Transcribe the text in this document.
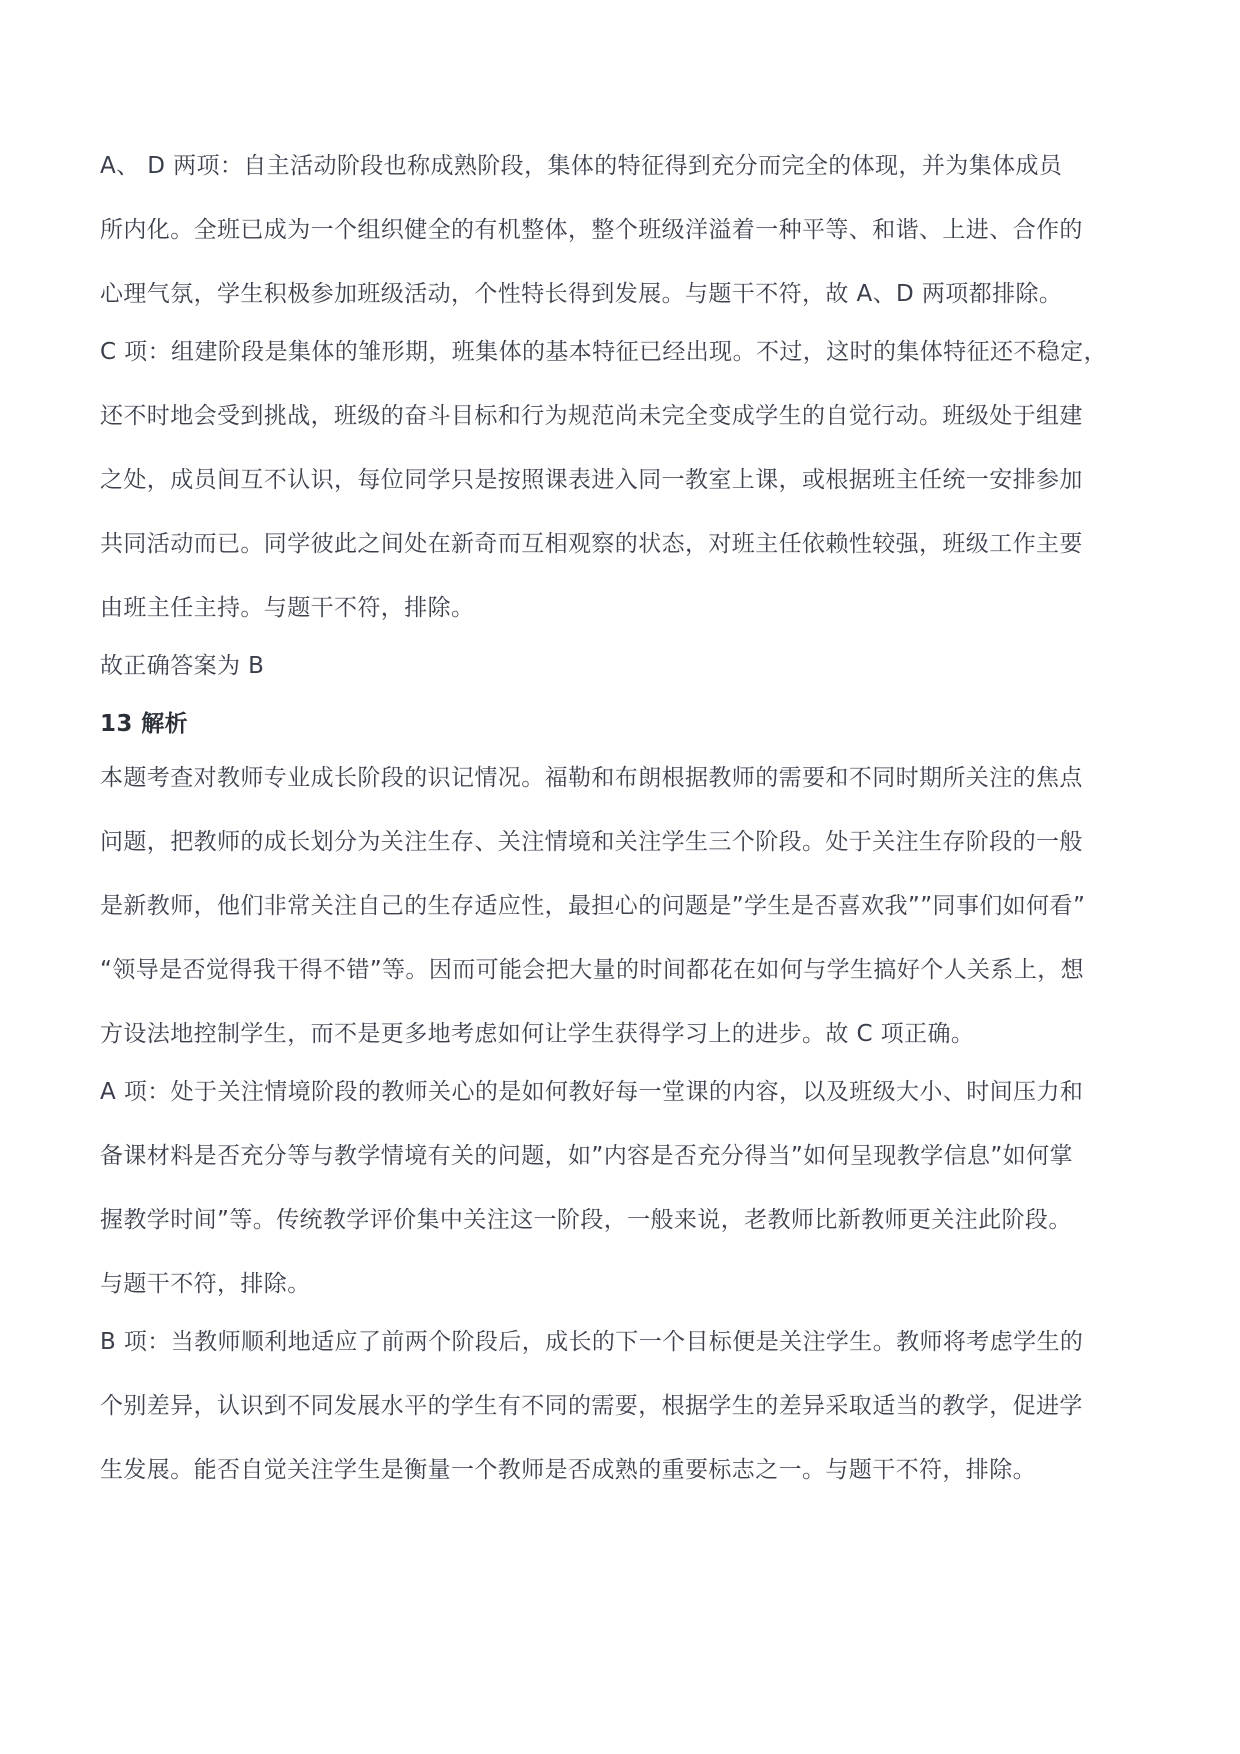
A、 D 两项：自主活动阶段也称成熟阶段，集体的特征得到充分而完全的体现，并为集体成员
所内化。全班已成为一个组织健全的有机整体，整个班级洋溢着一种平等、和谐、上进、合作的
心理气氛，学生积极参加班级活动，个性特长得到发展。与题干不符，故 A、D 两项都排除。
C 项：组建阶段是集体的雏形期，班集体的基本特征已经出现。不过，这时的集体特征还不稳定，
还不时地会受到挑战，班级的奋斗目标和行为规范尚未完全变成学生的自觉行动。班级处于组建
之处，成员间互不认识，每位同学只是按照课表进入同一教室上课，或根据班主任统一安排参加
共同活动而已。同学彼此之间处在新奇而互相观察的状态，对班主任依赖性较强，班级工作主要
由班主任主持。与题干不符，排除。
故正确答案为 B
13 解析
本题考查对教师专业成长阶段的识记情况。福勒和布朗根据教师的需要和不同时期所关注的焦点
问题，把教师的成长划分为关注生存、关注情境和关注学生三个阶段。处于关注生存阶段的一般
是新教师，他们非常关注自己的生存适应性，最担心的问题是”学生是否喜欢我””同事们如何看”
“领导是否觉得我干得不错”等。因而可能会把大量的时间都花在如何与学生搞好个人关系上，想
方设法地控制学生，而不是更多地考虑如何让学生获得学习上的进步。故 C 项正确。
A 项：处于关注情境阶段的教师关心的是如何教好每一堂课的内容，以及班级大小、时间压力和
备课材料是否充分等与教学情境有关的问题，如”内容是否充分得当”如何呈现教学信息”如何掌
握教学时间”等。传统教学评价集中关注这一阶段，一般来说，老教师比新教师更关注此阶段。
与题干不符，排除。
B 项：当教师顺利地适应了前两个阶段后，成长的下一个目标便是关注学生。教师将考虑学生的
个别差异，认识到不同发展水平的学生有不同的需要，根据学生的差异采取适当的教学，促进学
生发展。能否自觉关注学生是衡量一个教师是否成熟的重要标志之一。与题干不符，排除。
